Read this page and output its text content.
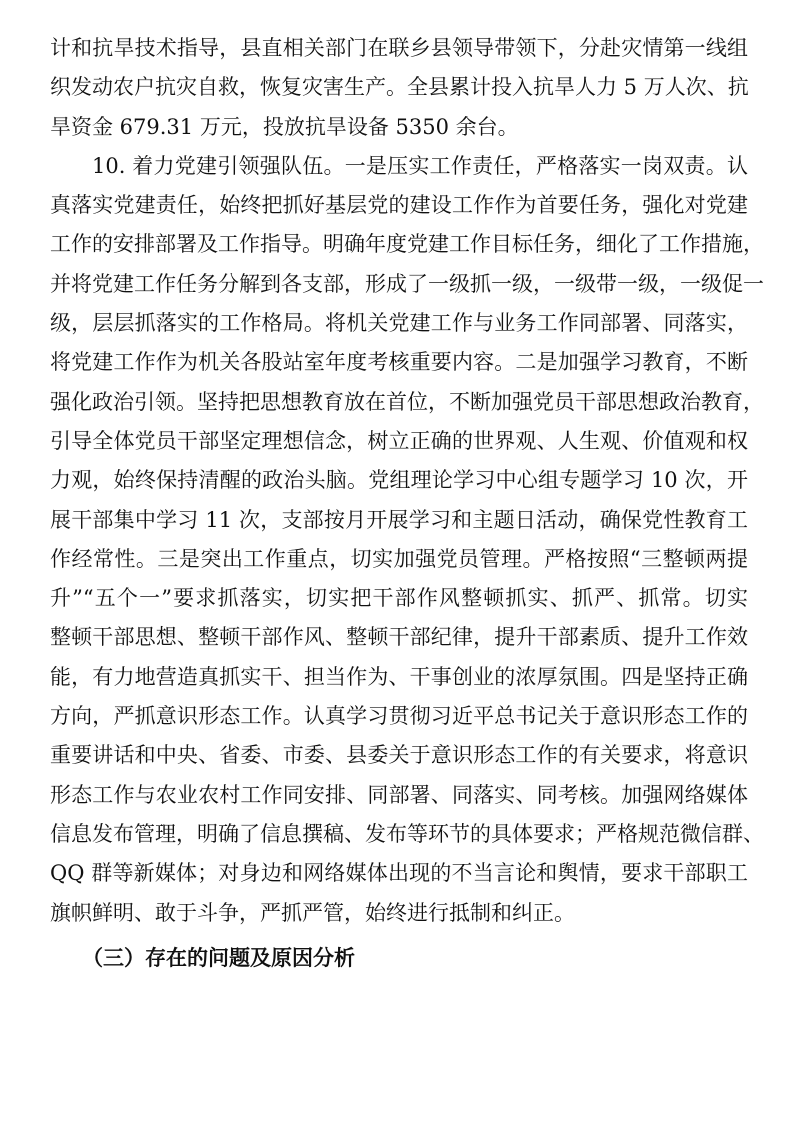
计和抗旱技术指导，县直相关部门在联乡县领导带领下，分赴灾情第一线组
织发动农户抗灾自救，恢复灾害生产。全县累计投入抗旱人力 5 万人次、抗
旱资金 679.31 万元，投放抗旱设备 5350 余台。
10. 着力党建引领强队伍。一是压实工作责任，严格落实一岗双责。认
真落实党建责任，始终把抓好基层党的建设工作作为首要任务，强化对党建
工作的安排部署及工作指导。明确年度党建工作目标任务，细化了工作措施，
并将党建工作任务分解到各支部，形成了一级抓一级，一级带一级，一级促一
级，层层抓落实的工作格局。将机关党建工作与业务工作同部署、同落实，
将党建工作作为机关各股站室年度考核重要内容。二是加强学习教育，不断
强化政治引领。坚持把思想教育放在首位，不断加强党员干部思想政治教育，
引导全体党员干部坚定理想信念，树立正确的世界观、人生观、价值观和权
力观，始终保持清醒的政治头脑。党组理论学习中心组专题学习 10 次，开
展干部集中学习 11 次，支部按月开展学习和主题日活动，确保党性教育工
作经常性。三是突出工作重点，切实加强党员管理。严格按照“三整顿两提
升”“五个一”要求抓落实，切实把干部作风整顿抓实、抓严、抓常。切实
整顿干部思想、整顿干部作风、整顿干部纪律，提升干部素质、提升工作效
能，有力地营造真抓实干、担当作为、干事创业的浓厚氛围。四是坚持正确
方向，严抓意识形态工作。认真学习贯彻习近平总书记关于意识形态工作的
重要讲话和中央、省委、市委、县委关于意识形态工作的有关要求，将意识
形态工作与农业农村工作同安排、同部署、同落实、同考核。加强网络媒体
信息发布管理，明确了信息撰稿、发布等环节的具体要求；严格规范微信群、
QQ 群等新媒体；对身边和网络媒体出现的不当言论和舆情，要求干部职工
旗帜鲜明、敢于斗争，严抓严管，始终进行抵制和纠正。
（三）存在的问题及原因分析
